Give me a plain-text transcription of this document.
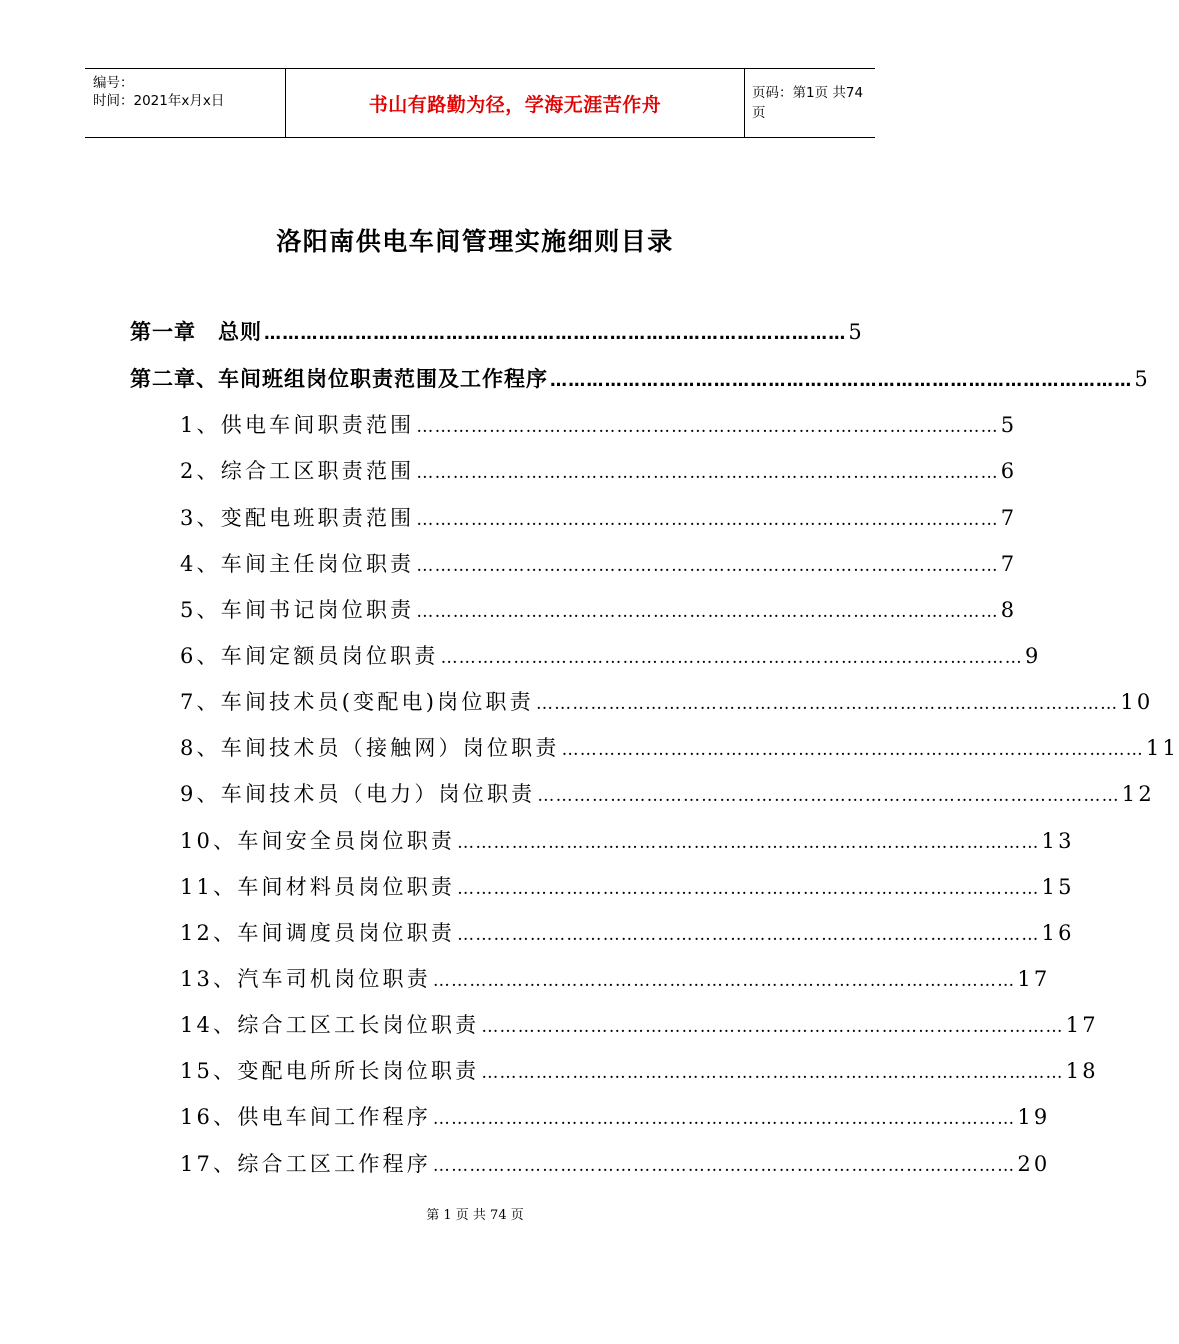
编号：
时间：2021年x月x日	书山有路勤为径，学海无涯苦作舟
页码：第1页 共74页
洛阳南供电车间管理实施细则目录
第一章　总则 …………………………………………………………………………………… 5
第二章、车间班组岗位职责范围及工作程序 …………………………………………………………………………………… 5
1、供电车间职责范围 …………………………………………………………………………………… 5
2、综合工区职责范围 …………………………………………………………………………………… 6
3、变配电班职责范围 …………………………………………………………………………………… 7
4、车间主任岗位职责 …………………………………………………………………………………… 7
5、车间书记岗位职责 …………………………………………………………………………………… 8
6、车间定额员岗位职责 …………………………………………………………………………………… 9
7、车间技术员(变配电)岗位职责 …………………………………………………………………………………… 10
8、车间技术员（接触网）岗位职责 …………………………………………………………………………………… 11
9、车间技术员（电力）岗位职责 …………………………………………………………………………………… 12
10、车间安全员岗位职责 …………………………………………………………………………………… 13
11、车间材料员岗位职责 …………………………………………………………………………………… 15
12、车间调度员岗位职责 …………………………………………………………………………………… 16
13、汽车司机岗位职责 …………………………………………………………………………………… 17
14、综合工区工长岗位职责 …………………………………………………………………………………… 17
15、变配电所所长岗位职责 …………………………………………………………………………………… 18
16、供电车间工作程序 …………………………………………………………………………………… 19
17、综合工区工作程序 …………………………………………………………………………………… 20
第 1 页 共 74 页
